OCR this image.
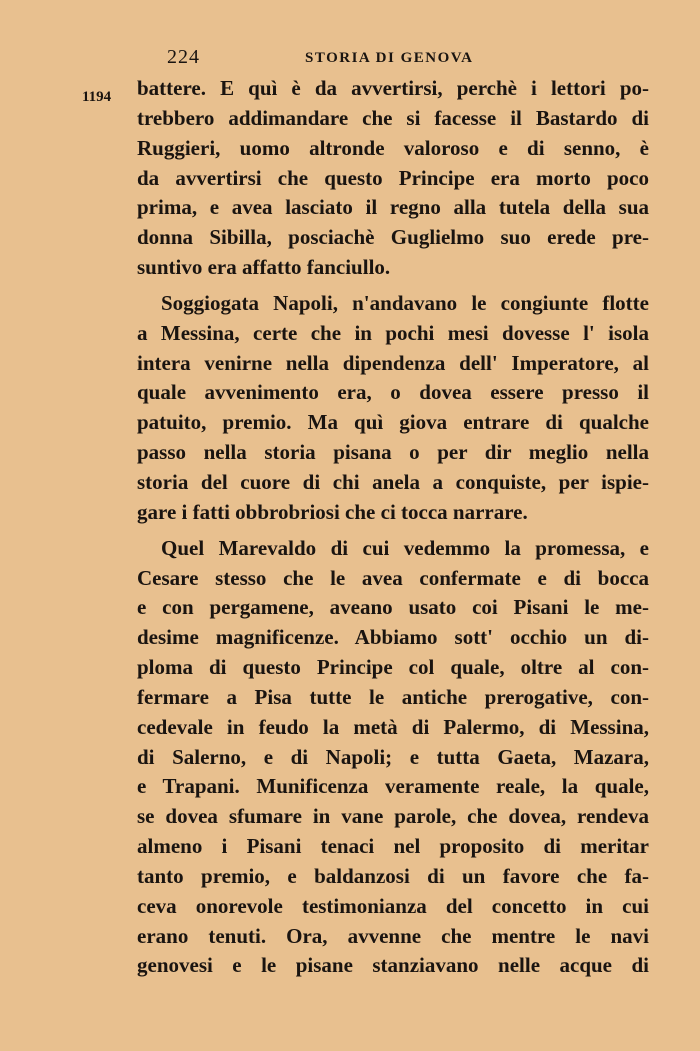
224	STORIA DI GENOVA
1194 battere. E quì è da avvertirsi, perchè i lettori po-
trebbero addimandare che si facesse il Bastardo di
Ruggieri, uomo altronde valoroso e di senno, è
da avvertirsi che questo Principe era morto poco
prima, e avea lasciato il regno alla tutela della sua
donna Sibilla, posciachè Guglielmo suo erede pre-
suntivo era affatto fanciullo.
Soggiogata Napoli, n'andavano le congiunte flotte
a Messina, certe che in pochi mesi dovesse l' isola
intera venirne nella dipendenza dell' Imperatore, al
quale avvenimento era, o dovea essere presso il
patuito, premio. Ma quì giova entrare di qualche
passo nella storia pisana o per dir meglio nella
storia del cuore di chi anela a conquiste, per ispie-
gare i fatti obbrobriosi che ci tocca narrare.
Quel Marevaldo di cui vedemmo la promessa, e
Cesare stesso che le avea confermate e di bocca
e con pergamene, aveano usato coi Pisani le me-
desime magnificenze. Abbiamo sott' occhio un di-
ploma di questo Principe col quale, oltre al con-
fermare a Pisa tutte le antiche prerogative, con-
cedevale in feudo la metà di Palermo, di Messina,
di Salerno, e di Napoli; e tutta Gaeta, Mazara,
e Trapani. Munificenza veramente reale, la quale,
se dovea sfumare in vane parole, che dovea, rendeva
almeno i Pisani tenaci nel proposito di meritar
tanto premio, e baldanzosi di un favore che fa-
ceva onorevole testimonianza del concetto in cui
erano tenuti. Ora, avvenne che mentre le navi
genovesi e le pisane stanziavano nelle acque di
